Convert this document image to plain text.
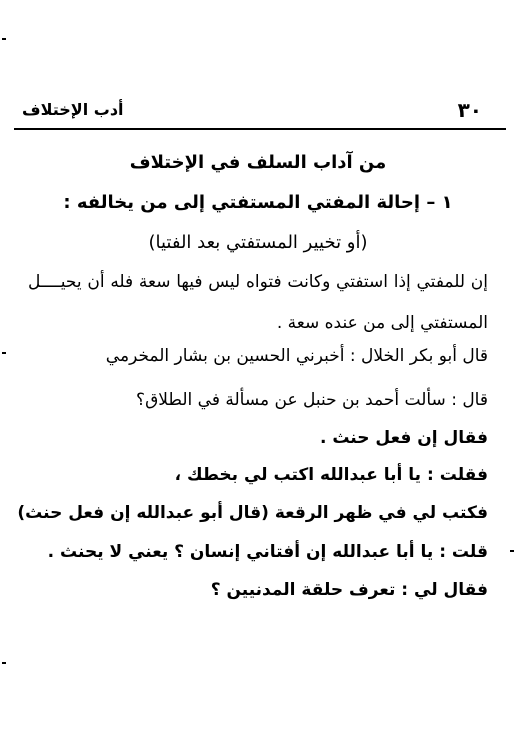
٣٠
أدب الإختلاف
من آداب السلف في الإختلاف
١ – إحالة المفتي المستفتي إلى من يخالفه :
(أو تخيير المستفتي بعد الفتيا)
إن للمفتي إذا استفتي وكانت فتواه ليس فيها سعة فله أن يحيــــل
المستفتي إلى من عنده سعة .
قال أبو بكر الخلال : أخبرني الحسين بن بشار المخرمي
قال : سألت أحمد بن حنبل عن مسألة في الطلاق؟
فقال إن فعل حنث .
فقلت : يا أبا عبدالله اكتب لي بخطك ،
فكتب لي في ظهر الرقعة (قال أبو عبدالله إن فعل حنث)
قلت : يا أبا عبدالله إن أفتاني إنسان ؟ يعني لا يحنث .
فقال لي : تعرف حلقة المدنيين ؟
